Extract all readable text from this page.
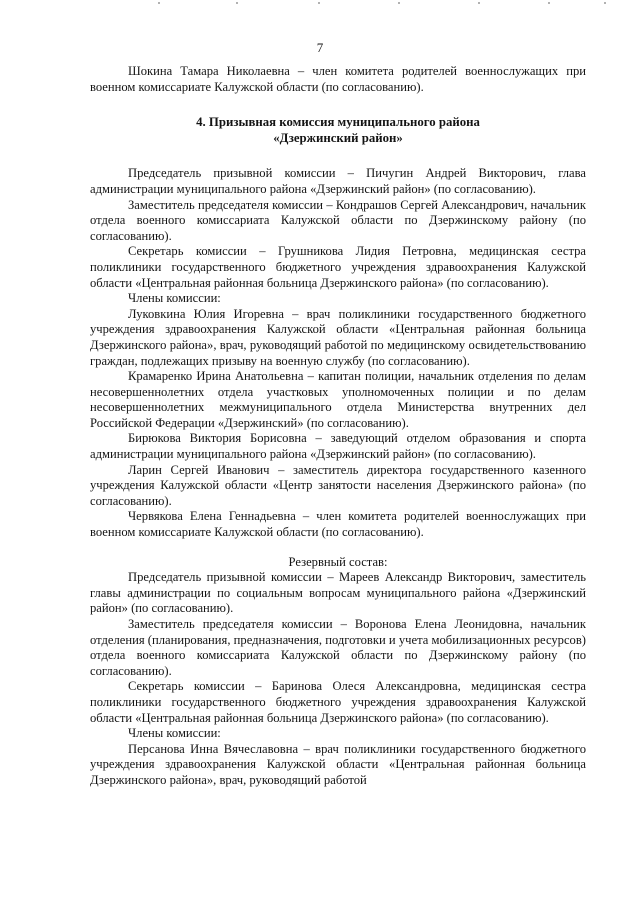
7

Шокина Тамара Николаевна – член комитета родителей военнослужащих при военном комиссариате Калужской области (по согласованию).

4. Призывная комиссия муниципального района

«Дзержинский район»

Председатель призывной комиссии – Пичугин Андрей Викторович, глава администрации муниципального района «Дзержинский район» (по согласованию).

Заместитель председателя комиссии – Кондрашов Сергей Александрович, начальник отдела военного комиссариата Калужской области по Дзержинскому району (по согласованию).

Секретарь комиссии – Грушникова Лидия Петровна, медицинская сестра поликлиники государственного бюджетного учреждения здравоохранения Калужской области «Центральная районная больница Дзержинского района» (по согласованию).

Члены комиссии:

Луковкина Юлия Игоревна – врач поликлиники государственного бюджетного учреждения здравоохранения Калужской области «Центральная районная больница Дзержинского района», врач, руководящий работой по медицинскому освидетельствованию граждан, подлежащих призыву на военную службу (по согласованию).

Крамаренко Ирина Анатольевна – капитан полиции, начальник отделения по делам несовершеннолетних отдела участковых уполномоченных полиции и по делам несовершеннолетних межмуниципального отдела Министерства внутренних дел Российской Федерации «Дзержинский» (по согласованию).

Бирюкова Виктория Борисовна – заведующий отделом образования и спорта администрации муниципального района «Дзержинский район» (по согласованию).

Ларин Сергей Иванович – заместитель директора государственного казенного учреждения Калужской области «Центр занятости населения Дзержинского района» (по согласованию).

Червякова Елена Геннадьевна – член комитета родителей военнослужащих при военном комиссариате Калужской области (по согласованию).

Резервный состав:

Председатель призывной комиссии – Мареев Александр Викторович, заместитель главы администрации по социальным вопросам муниципального района «Дзержинский район» (по согласованию).

Заместитель председателя комиссии – Воронова Елена Леонидовна, начальник отделения (планирования, предназначения, подготовки и учета мобилизационных ресурсов) отдела военного комиссариата Калужской области по Дзержинскому району (по согласованию).

Секретарь комиссии – Баринова Олеся Александровна, медицинская сестра поликлиники государственного бюджетного учреждения здравоохранения Калужской области «Центральная районная больница Дзержинского района» (по согласованию).

Члены комиссии:

Персанова Инна Вячеславовна – врач поликлиники государственного бюджетного учреждения здравоохранения Калужской области «Центральная районная больница Дзержинского района», врач, руководящий работой
